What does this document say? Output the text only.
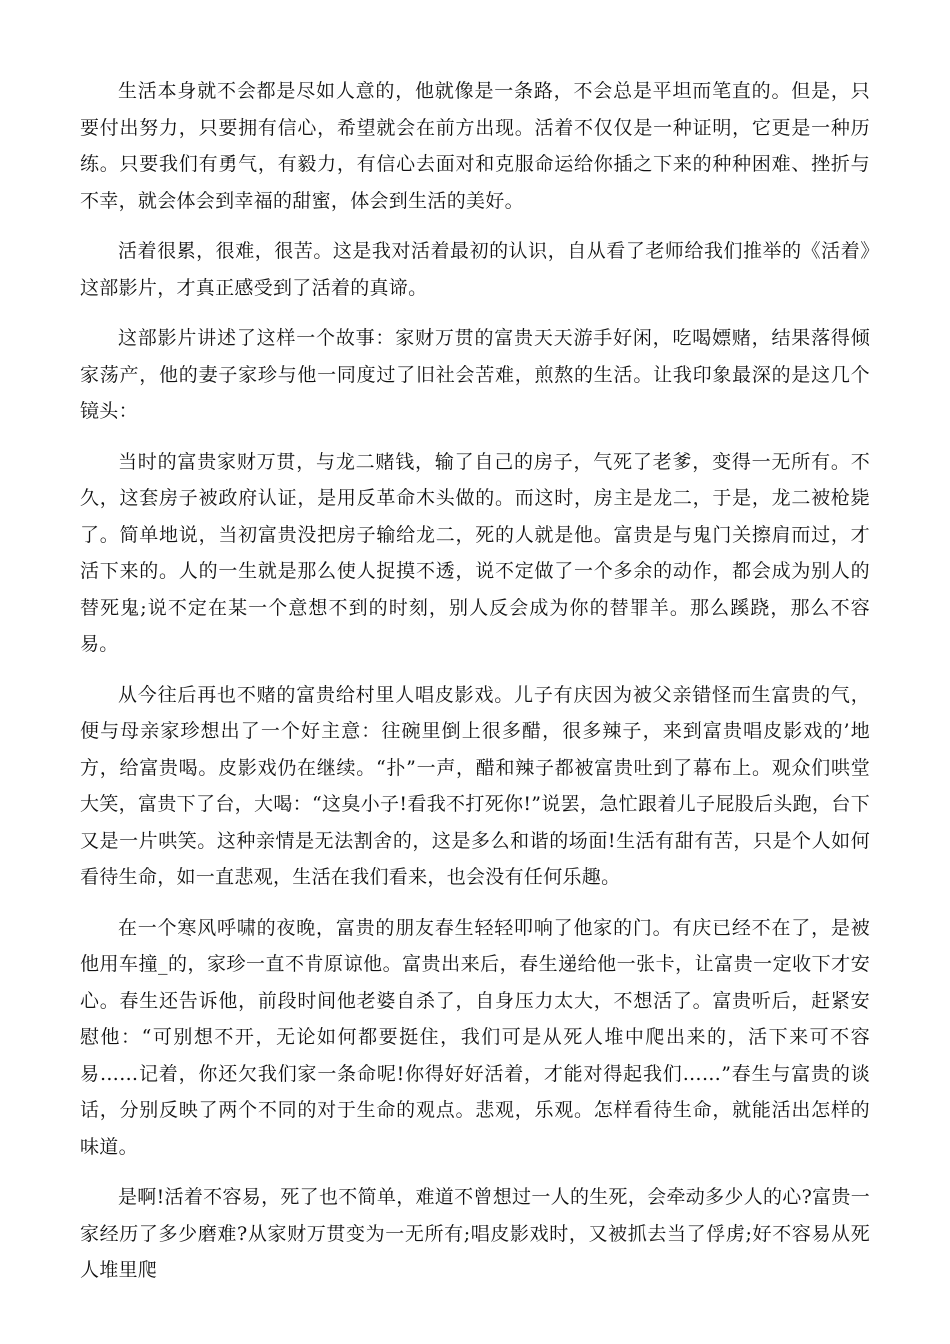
生活本身就不会都是尽如人意的，他就像是一条路，不会总是平坦而笔直的。但是，只要付出努力，只要拥有信心，希望就会在前方出现。活着不仅仅是一种证明，它更是一种历练。只要我们有勇气，有毅力，有信心去面对和克服命运给你插之下来的种种困难、挫折与不幸，就会体会到幸福的甜蜜，体会到生活的美好。

活着很累，很难，很苦。这是我对活着最初的认识，自从看了老师给我们推举的《活着》这部影片，才真正感受到了活着的真谛。

这部影片讲述了这样一个故事：家财万贯的富贵天天游手好闲，吃喝嫖赌，结果落得倾家荡产，他的妻子家珍与他一同度过了旧社会苦难，煎熬的生活。让我印象最深的是这几个镜头：

当时的富贵家财万贯，与龙二赌钱，输了自己的房子，气死了老爹，变得一无所有。不久，这套房子被政府认证，是用反革命木头做的。而这时，房主是龙二，于是，龙二被枪毙了。简单地说，当初富贵没把房子输给龙二，死的人就是他。富贵是与鬼门关擦肩而过，才活下来的。人的一生就是那么使人捉摸不透，说不定做了一个多余的动作，都会成为别人的替死鬼;说不定在某一个意想不到的时刻，别人反会成为你的替罪羊。那么蹊跷，那么不容易。

从今往后再也不赌的富贵给村里人唱皮影戏。儿子有庆因为被父亲错怪而生富贵的气，便与母亲家珍想出了一个好主意：往碗里倒上很多醋，很多辣子，来到富贵唱皮影戏的’地方，给富贵喝。皮影戏仍在继续。“扑”一声，醋和辣子都被富贵吐到了幕布上。观众们哄堂大笑，富贵下了台，大喝：“这臭小子!看我不打死你!”说罢，急忙跟着儿子屁股后头跑，台下又是一片哄笑。这种亲情是无法割舍的，这是多么和谐的场面!生活有甜有苦，只是个人如何看待生命，如一直悲观，生活在我们看来，也会没有任何乐趣。

在一个寒风呼啸的夜晚，富贵的朋友春生轻轻叩响了他家的门。有庆已经不在了，是被他用车撞_的，家珍一直不肯原谅他。富贵出来后，春生递给他一张卡，让富贵一定收下才安心。春生还告诉他，前段时间他老婆自杀了，自身压力太大，不想活了。富贵听后，赶紧安慰他：“可别想不开，无论如何都要挺住，我们可是从死人堆中爬出来的，活下来可不容易……记着，你还欠我们家一条命呢!你得好好活着，才能对得起我们……”春生与富贵的谈话，分别反映了两个不同的对于生命的观点。悲观，乐观。怎样看待生命，就能活出怎样的味道。

是啊!活着不容易，死了也不简单，难道不曾想过一人的生死，会牵动多少人的心?富贵一家经历了多少磨难?从家财万贯变为一无所有;唱皮影戏时，又被抓去当了俘虏;好不容易从死人堆里爬
